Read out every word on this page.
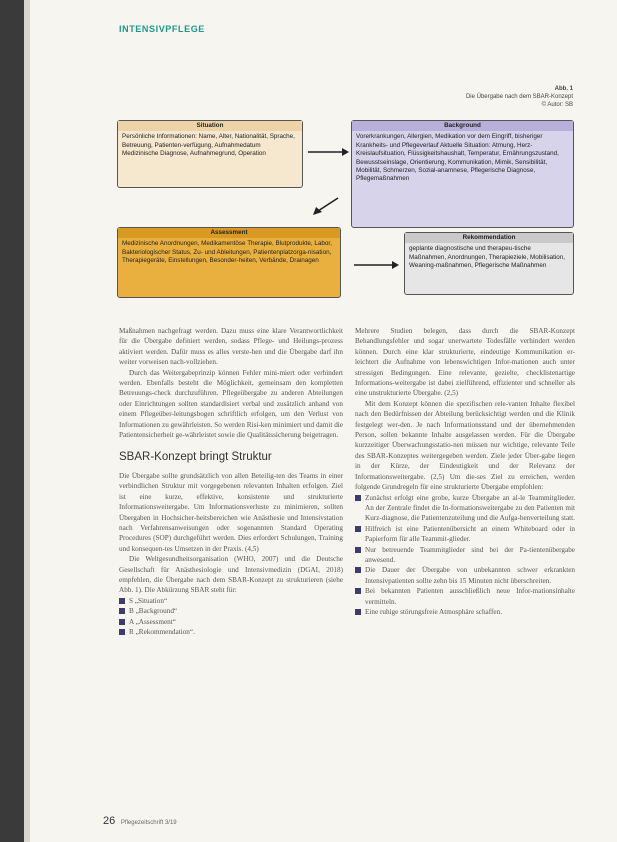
INTENSIVPFLEGE
Abb. 1
Die Übergabe nach dem SBAR-Konzept
© Autor: SB
Situation
Persönliche Informationen: Name, Alter, Nationalität, Sprache, Betreuung, Patienten-verfügung, Aufnahmedatum Medizinische Diagnose, Aufnahmegrund, Operation
Background
Vorerkrankungen, Allergien, Medikation vor dem Eingriff, bisheriger Krankheits- und Pflegeverlauf Aktuelle Situation: Atmung, Herz-Kreislaufsituation, Flüssigkeitshaushalt, Temperatur, Ernährungszustand, Bewusstseinslage, Orientierung, Kommunikation, Mimik, Sensibilität, Mobilität, Schmerzen, Sozial-anamnese, Pflegerische Diagnose, Pflegemaßnahmen
Assessment
Medizinische Anordnungen, Medikamentöse Therapie, Blutprodukte, Labor, Bakteriologischer Status, Zu- und Ableitungen, Patientenplatzorga-nisation, Therapiegeräte, Einstellungen, Besonder-heiten, Verbände, Drainagen
Rekommendation
geplante diagnostische und therapeu-tische Maßnahmen, Anordnungen, Therapieziele, Mobilisation, Weaning-maßnahmen, Pflegerische Maßnahmen

Maßnahmen nachgefragt werden. Dazu muss eine klare Verantwortlichkeit für die Übergabe definiert werden, sodass Pflege- und Heilungs-prozess aktiviert werden. Dafür muss es alles verste-hen und die Übergabe darf ihn weiter vorweisen nach-vollziehen.

Durch das Weitergabeprinzip können Fehler mini-miert oder verhindert werden. Ebenfalls besteht die Möglichkeit, gemeinsam den kompletten Betreuungs-check durchzuführen. Pflegeübergabe zu anderen Abteilungen oder Einrichtungen sollten standardisiert verbal und zusätzlich anhand von einem Pflegeüber-leitungsbogen schriftlich erfolgen, um den Verlust von Informationen zu gewährleisten. So werden Risi-ken minimiert und damit die Patientensicherheit ge-währleistet sowie die Qualitätssicherung beigetragen.

SBAR-Konzept bringt Struktur

Die Übergabe sollte grundsätzlich von allen Beteilig-ten des Teams in einer verbindlichen Struktur mit vorgegebenen relevanten Inhalten erfolgen. Ziel ist eine kurze, effektive, konsistente und strukturierte Informationsweitergabe. Um Informationsverluste zu minimieren, sollten Übergaben in Hochsicher-heitsbereichen wie Anästhesie und Intensivstation nach Verfahrensanweisungen oder sogenannten Standard Operating Procedures (SOP) durchgeführt werden. Dies erfordert Schulungen, Training und konsequen-tes Umsetzen in der Praxis. (4,5)

Die Weltgesundheitsorganisation (WHO, 2007) und die Deutsche Gesellschaft für Anästhesiologie und Intensivmedizin (DGAI, 2018) empfehlen, die Übergabe nach dem SBAR-Konzept zu strukturieren (siehe Abb. 1). Die Abkürzung SBAR steht für:

S „Situation“
B „Background“
A „Assessment“
R „Rekommendation“.

Mehrere Studien belegen, dass durch die SBAR-Konzept Behandlungsfehler und sogar unerwartete Todesfälle verhindert werden können. Durch eine klar strukturierte, eindeutige Kommunikation er-leichtert die Aufnahme von lebenswichtigen Infor-mationen auch unter stressigen Bedingungen. Eine relevante, gezielte, checklistenartige Informations-weitergabe ist dabei zielführend, effizienter und schneller als eine unstrukturierte Übergabe. (2,5)

Mit dem Konzept können die spezifischen rele-vanten Inhalte flexibel nach den Bedürfnissen der Abteilung berücksichtigt werden und die Klinik festgelegt wer-den. Je nach Informationsstand und der übernehmenden Person, sollen bekannte Inhalte ausgelassen werden. Für die Übergabe kurzzeitiger Überwachungsstatio-nen müssen nur wichtige, relevante Teile des SBAR-Konzeptes weitergegeben werden. Ziele jeder Über-gabe liegen in der Kürze, der Eindeutigkeit und der Relevanz der Informationsweitergabe. (2,5) Um die-ses Ziel zu erreichen, werden folgende Grundregeln für eine strukturierte Übergabe empfohlen:

Zunächst erfolgt eine grobe, kurze Übergabe an al-le Teammitglieder. An der Zentrale findet die In-formationsweitergabe zu den Patienten mit Kurz-diagnose, die Patientenzuteilung und die Aufga-benverteilung statt.
Hilfreich ist eine Patientenübersicht an einem Whiteboard oder in Papierform für alle Teammit-glieder.
Nur betreuende Teammitglieder sind bei der Pa-tientenübergabe anwesend.
Die Dauer der Übergabe von unbekannten schwer erkrankten Intensivpatienten sollte zehn bis 15 Minuten nicht überschreiten.
Bei bekannten Patienten ausschließlich neue Infor-mationsinhalte vermitteln.
Eine ruhige störungsfreie Atmosphäre schaffen.
26 Pflegezeitschrift 3/19
